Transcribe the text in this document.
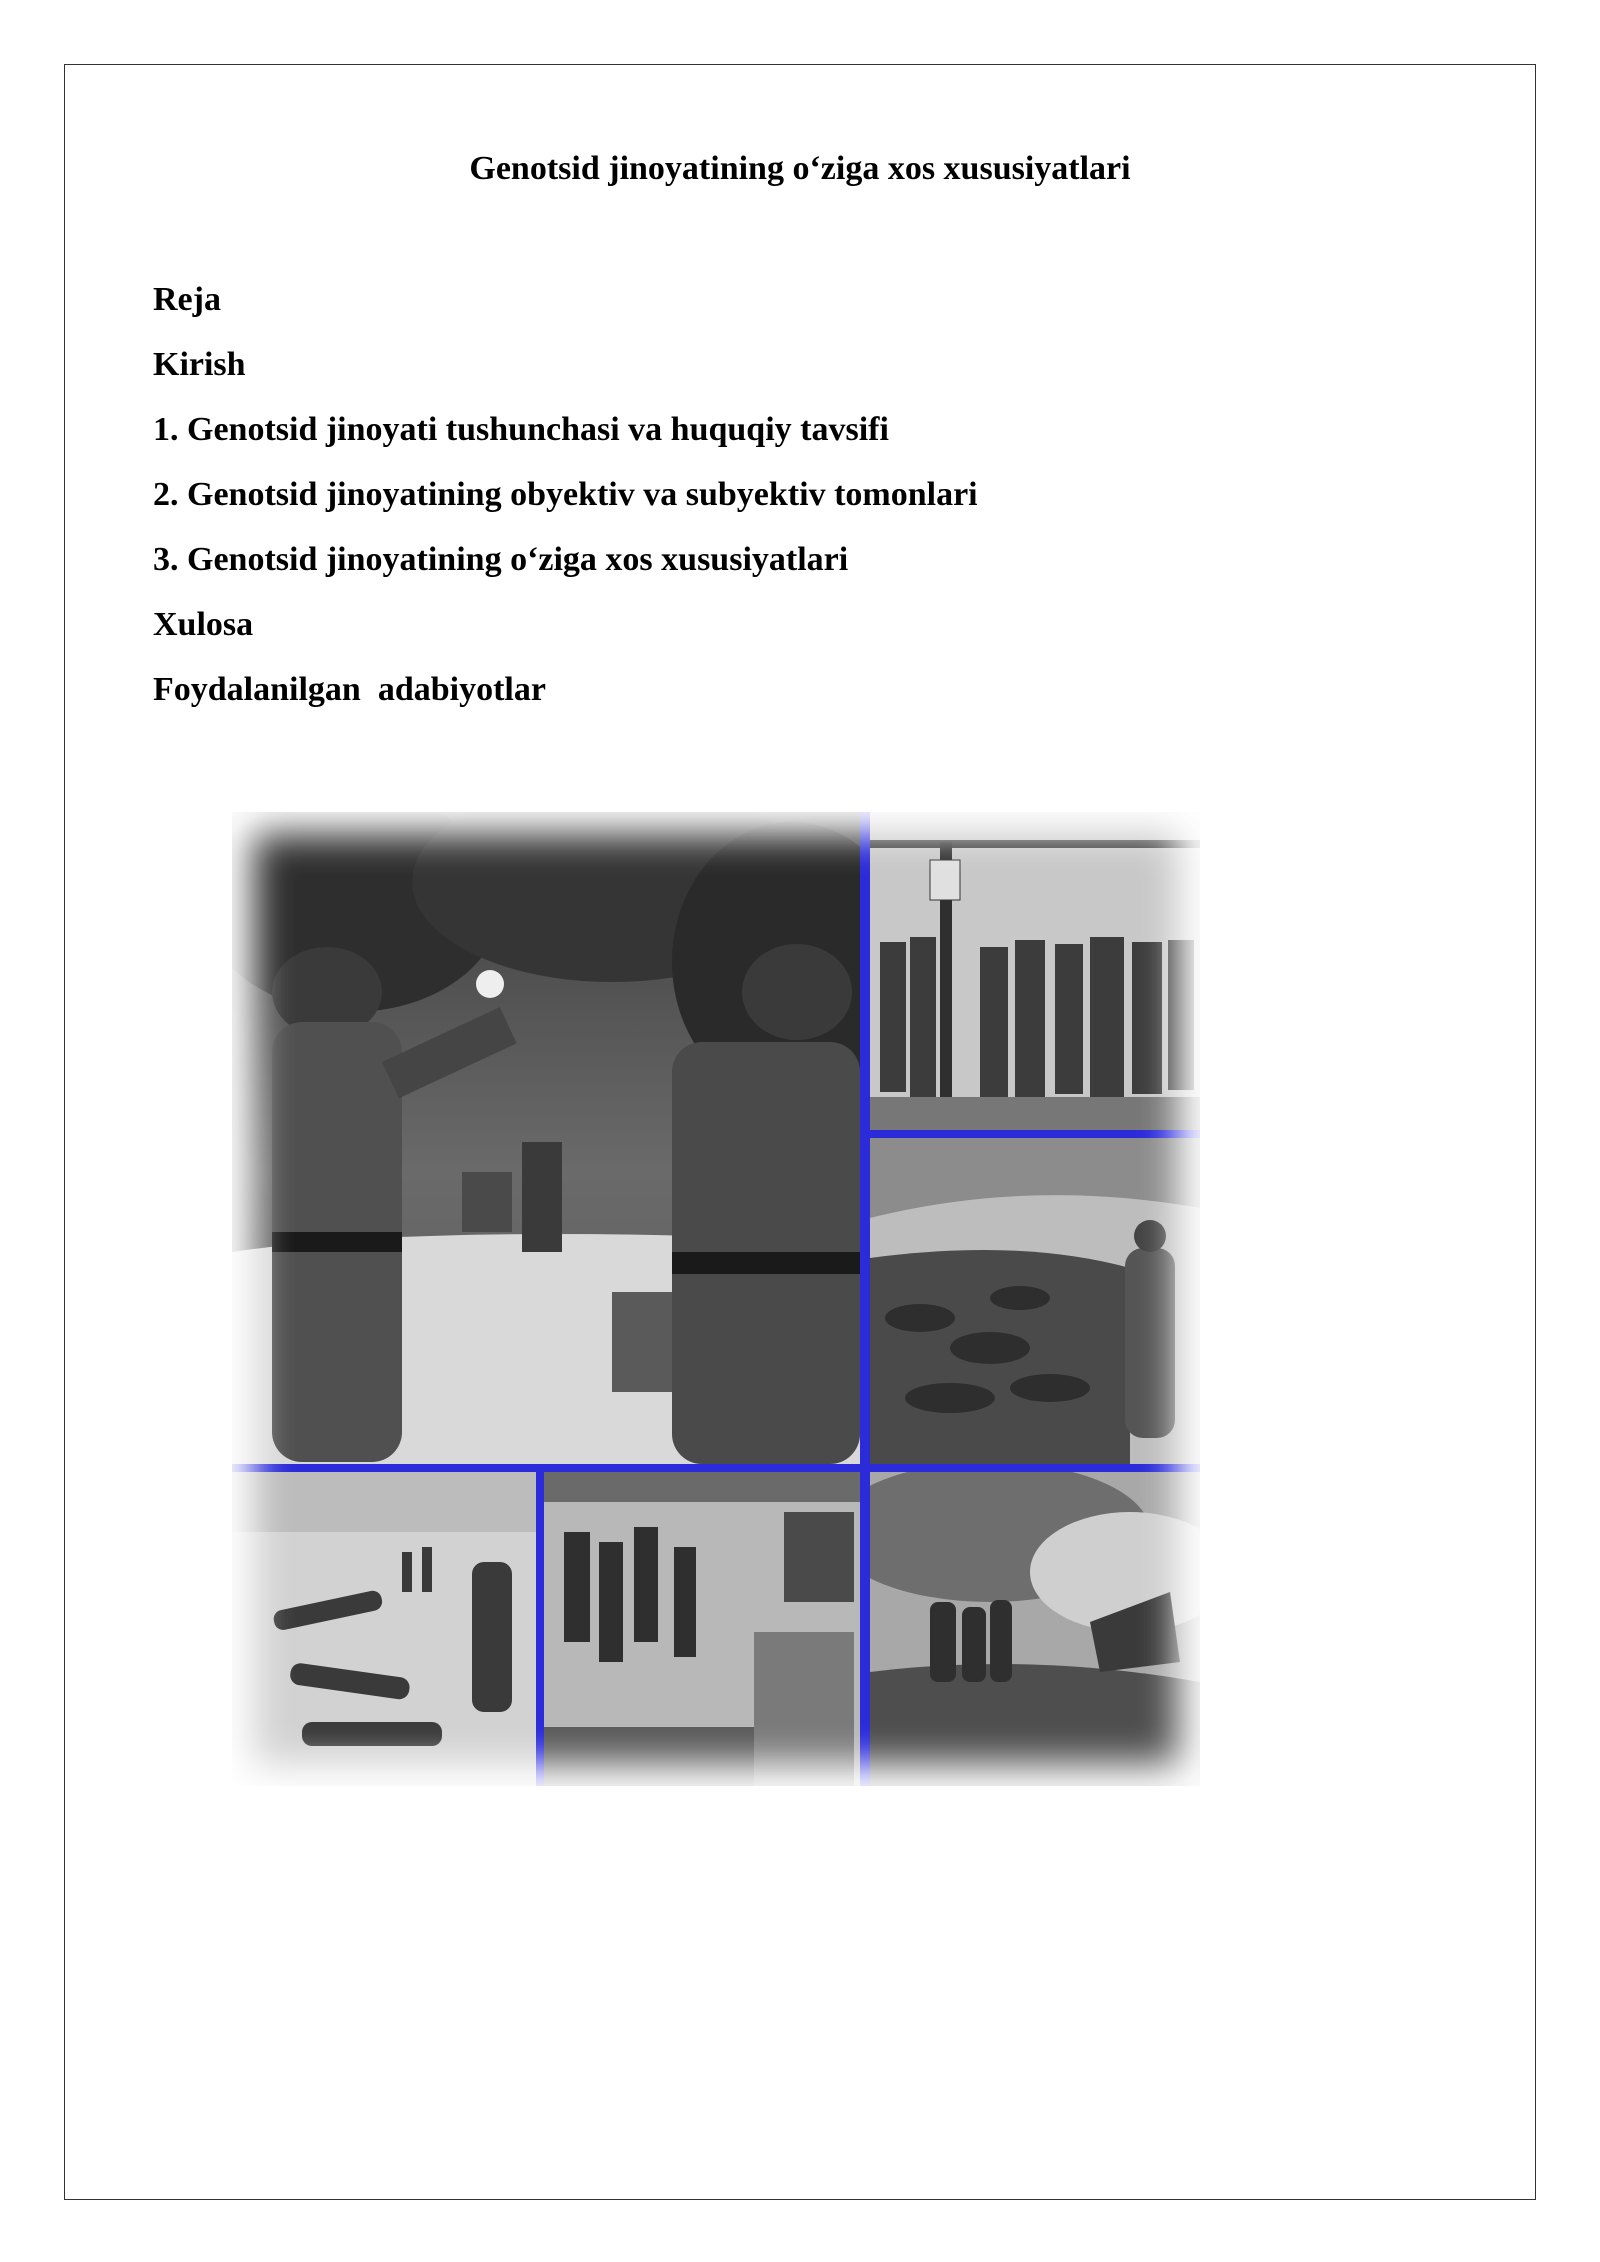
Genotsid jinoyatining o‘ziga xos xususiyatlari
Reja
Kirish
1. Genotsid jinoyati tushunchasi va huquqiy tavsifi
2. Genotsid jinoyatining obyektiv va subyektiv tomonlari
3. Genotsid jinoyatining o‘ziga xos xususiyatlari
Xulosa
Foydalanilgan  adabiyotlar
